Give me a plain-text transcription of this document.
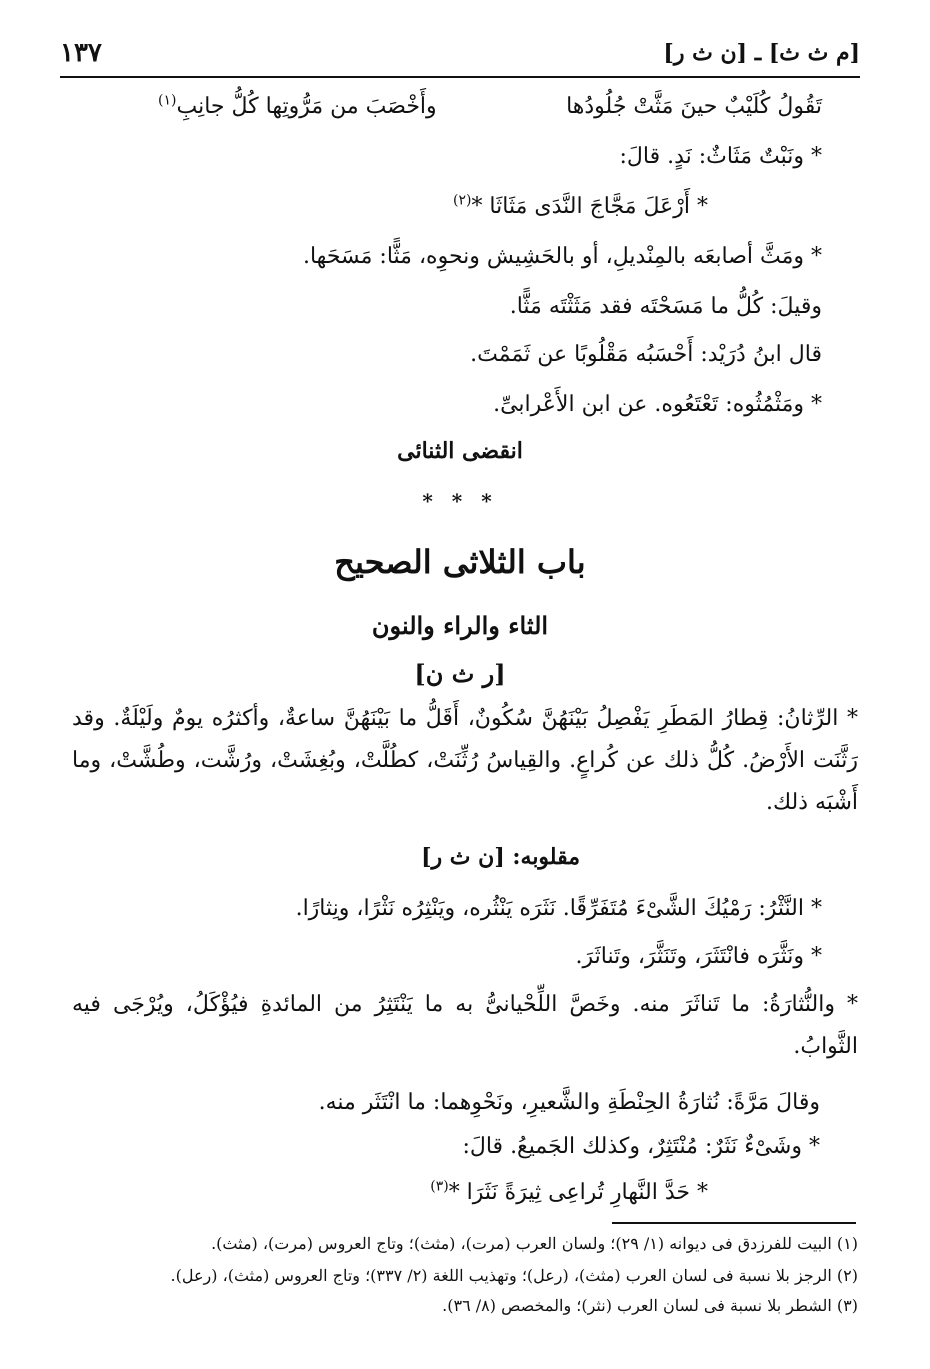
١٣٧	[م ث ث] ـ [ن ث ر]
تَقُولُ كُلَيْبٌ حينَ مَثَّتْ جُلُودُها
وأَخْصَبَ من مَرُّوتِها كُلُّ جانِبِ$^{(١)}$
* ونَبْتٌ مَثَاثٌ: نَدٍ. قالَ:
* أَرْعَلَ مَجَّاجَ النَّدَى مَثَاثَا *$^{(٢)}$
* ومَثَّ أصابعَه بالمِنْديلِ، أو بالحَشِيش ونحوِه، مَثًّا: مَسَحَها.
وقيلَ: كُلُّ ما مَسَحْتَه فقد مَثَثْتَه مَثًّا.
قال ابنُ دُرَيْد: أَحْسَبُه مَقْلُوبًا عن ثَمَمْتَ.
* ومَثْمُثُوه: تَعْتَعُوه. عن ابن الأَعْرابىِّ.
انقضى الثنائى
* * *
باب الثلاثى الصحيح
الثاء والراء والنون
[ر ث ن]
* الرِّثانُ: قِطارُ المَطَرِ يَفْصِلُ بَيْنَهُنَّ سُكُونٌ، أَقَلُّ ما بَيْنَهُنَّ ساعةٌ، وأكثرُه يومٌ ولَيْلَةٌ. وقد رَثَّنَت الأَرْضُ. كُلُّ ذلك عن كُراعٍ. والقِياسُ رُثِّنَتْ، كطُلَّتْ، وبُغِشَتْ، ورُشَّت، وطُشَّتْ، وما أَشْبَه ذلك.
مقلوبه: [ن ث ر]
* النَّثْرُ: رَمْيُكَ الشَّىْءَ مُتَفَرِّقًا. نَثَرَه يَنْثُره، ويَنْثِرُه نَثْرًا، ونِثارًا.
* ونَثَّرَه فانْتَثَرَ، وتَنَثَّرَ، وتَناثَرَ.
* والنُّثارَةُ: ما تَناثَرَ منه. وخَصَّ اللِّحْيانىُّ به ما يَنْتَثِرُ من المائدةِ فيُؤْكَلُ، ويُرْجَى فيه الثَّوابُ.
وقالَ مَرَّةً: نُثارَةُ الحِنْطَةِ والشَّعيرِ، ونَحْوِهما: ما انْتَثَر منه.
* وشَىْءٌ نَثَرٌ: مُنْتَثِرٌ، وكذلك الجَميعُ. قالَ:
* حَدَّ النَّهارِ تُراعِى ثِيرَةً نَثَرَا *$^{(٣)}$
(١) البيت للفرزدق فى ديوانه (١/ ٢٩)؛ ولسان العرب (مرت)، (مثث)؛ وتاج العروس (مرت)، (مثث).
(٢) الرجز بلا نسبة فى لسان العرب (مثث)، (رعل)؛ وتهذيب اللغة (٢/ ٣٣٧)؛ وتاج العروس (مثث)، (رعل).
(٣) الشطر بلا نسبة فى لسان العرب (نثر)؛ والمخصص (٨/ ٣٦).
